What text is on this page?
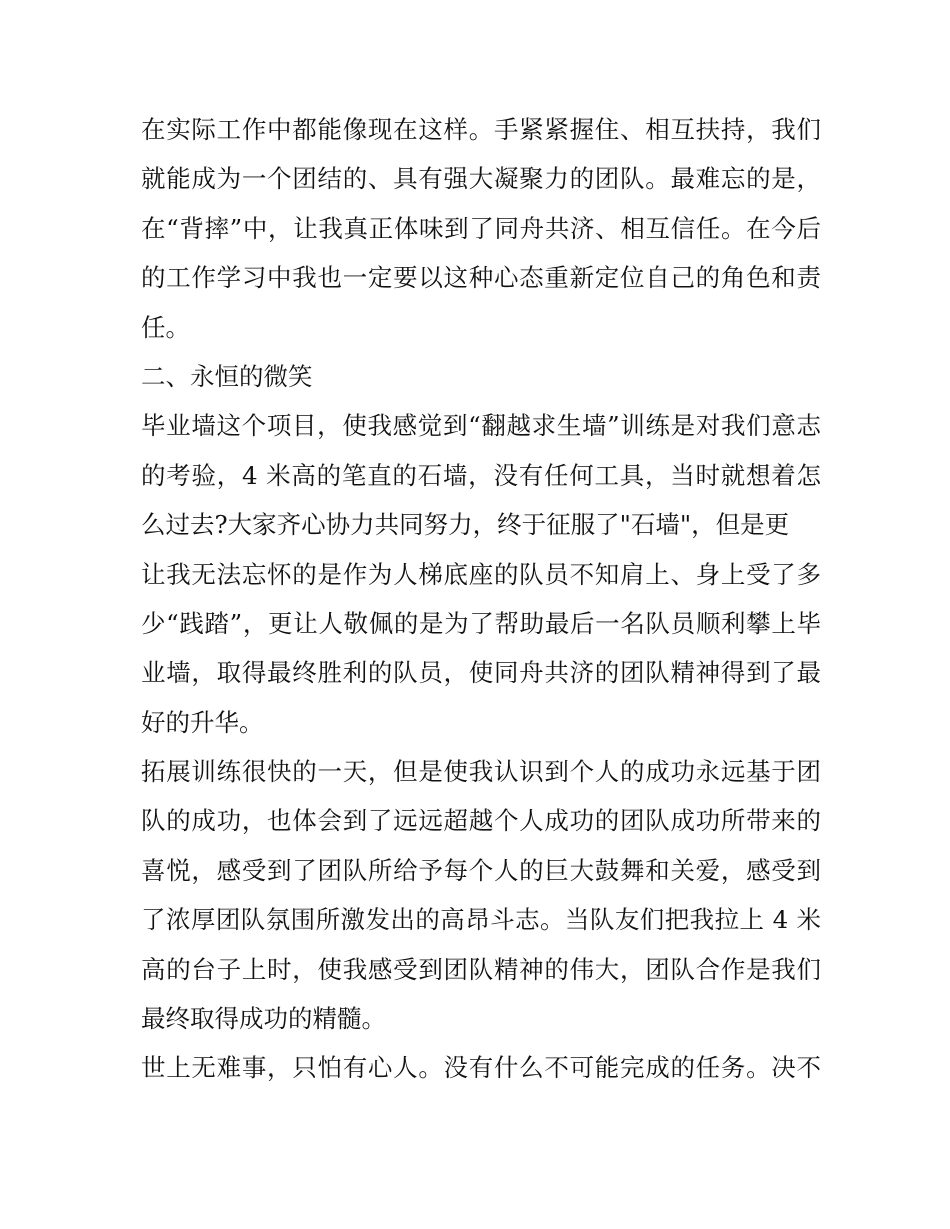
在实际工作中都能像现在这样。手紧紧握住、相互扶持，我们
就能成为一个团结的、具有强大凝聚力的团队。最难忘的是，
在“背摔”中，让我真正体味到了同舟共济、相互信任。在今后
的工作学习中我也一定要以这种心态重新定位自己的角色和责
任。
二、永恒的微笑
毕业墙这个项目，使我感觉到“翻越求生墙”训练是对我们意志
的考验，4 米高的笔直的石墙，没有任何工具，当时就想着怎
么过去?大家齐心协力共同努力，终于征服了"石墙"，但是更
让我无法忘怀的是作为人梯底座的队员不知肩上、身上受了多
少“践踏”，更让人敬佩的是为了帮助最后一名队员顺利攀上毕
业墙，取得最终胜利的队员，使同舟共济的团队精神得到了最
好的升华。
拓展训练很快的一天，但是使我认识到个人的成功永远基于团
队的成功，也体会到了远远超越个人成功的团队成功所带来的
喜悦，感受到了团队所给予每个人的巨大鼓舞和关爱，感受到
了浓厚团队氛围所激发出的高昂斗志。当队友们把我拉上 4 米
高的台子上时，使我感受到团队精神的伟大，团队合作是我们
最终取得成功的精髓。
世上无难事，只怕有心人。没有什么不可能完成的任务。决不
